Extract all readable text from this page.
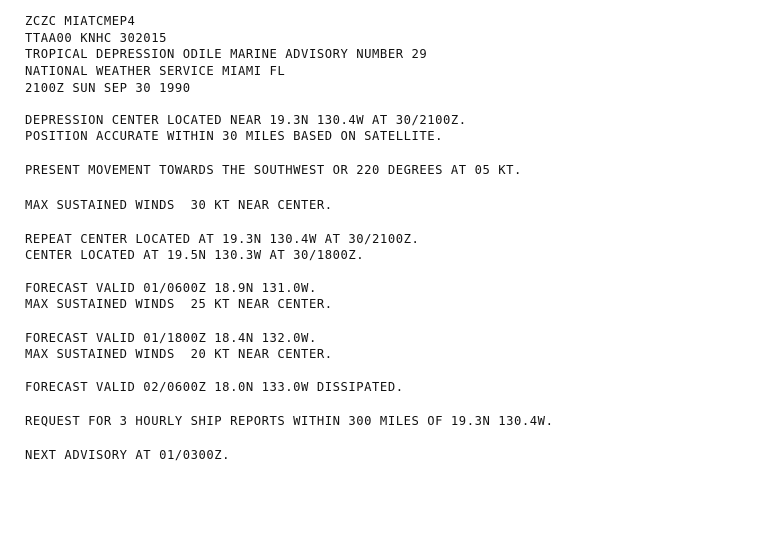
ZCZC MIATCMEP4

TTAA00 KNHC 302015

TROPICAL DEPRESSION ODILE MARINE ADVISORY NUMBER 29

NATIONAL WEATHER SERVICE MIAMI FL

2100Z SUN SEP 30 1990

DEPRESSION CENTER LOCATED NEAR 19.3N 130.4W AT 30/2100Z.

POSITION ACCURATE WITHIN 30 MILES BASED ON SATELLITE.

PRESENT MOVEMENT TOWARDS THE SOUTHWEST OR 220 DEGREES AT 05 KT.

MAX SUSTAINED WINDS  30 KT NEAR CENTER.

REPEAT CENTER LOCATED AT 19.3N 130.4W AT 30/2100Z.

CENTER LOCATED AT 19.5N 130.3W AT 30/1800Z.

FORECAST VALID 01/0600Z 18.9N 131.0W.

MAX SUSTAINED WINDS  25 KT NEAR CENTER.

FORECAST VALID 01/1800Z 18.4N 132.0W.

MAX SUSTAINED WINDS  20 KT NEAR CENTER.

FORECAST VALID 02/0600Z 18.0N 133.0W DISSIPATED.

REQUEST FOR 3 HOURLY SHIP REPORTS WITHIN 300 MILES OF 19.3N 130.4W.

NEXT ADVISORY AT 01/0300Z.
